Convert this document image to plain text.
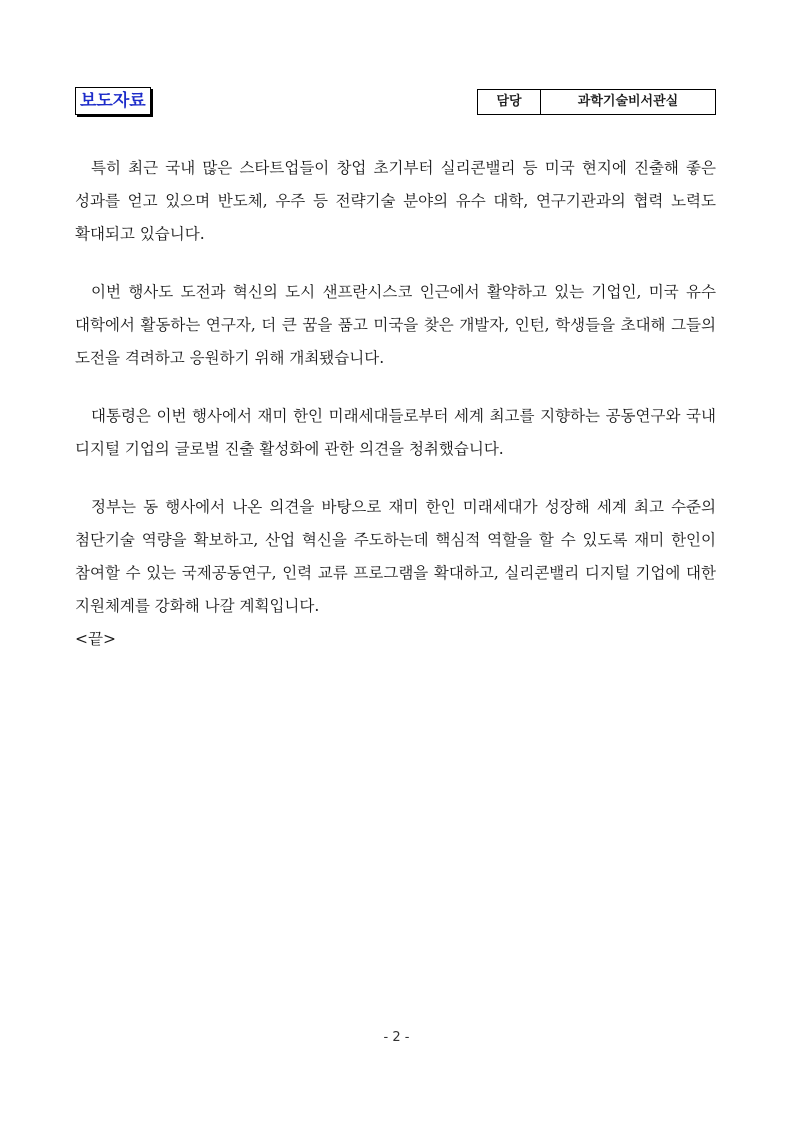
보도자료	담당	과학기술비서관실

특히 최근 국내 많은 스타트업들이 창업 초기부터 실리콘밸리 등 미국 현지에 진출해 좋은 성과를 얻고 있으며 반도체, 우주 등 전략기술 분야의 유수 대학, 연구기관과의 협력 노력도 확대되고 있습니다.

이번 행사도 도전과 혁신의 도시 샌프란시스코 인근에서 활약하고 있는 기업인, 미국 유수 대학에서 활동하는 연구자, 더 큰 꿈을 품고 미국을 찾은 개발자, 인턴, 학생들을 초대해 그들의 도전을 격려하고 응원하기 위해 개최됐습니다.

대통령은 이번 행사에서 재미 한인 미래세대들로부터 세계 최고를 지향하는 공동연구와 국내 디지털 기업의 글로벌 진출 활성화에 관한 의견을 청취했습니다.

정부는 동 행사에서 나온 의견을 바탕으로 재미 한인 미래세대가 성장해 세계 최고 수준의 첨단기술 역량을 확보하고, 산업 혁신을 주도하는데 핵심적 역할을 할 수 있도록 재미 한인이 참여할 수 있는 국제공동연구, 인력 교류 프로그램을 확대하고, 실리콘밸리 디지털 기업에 대한 지원체계를 강화해 나갈 계획입니다.
<끝>
- 2 -
